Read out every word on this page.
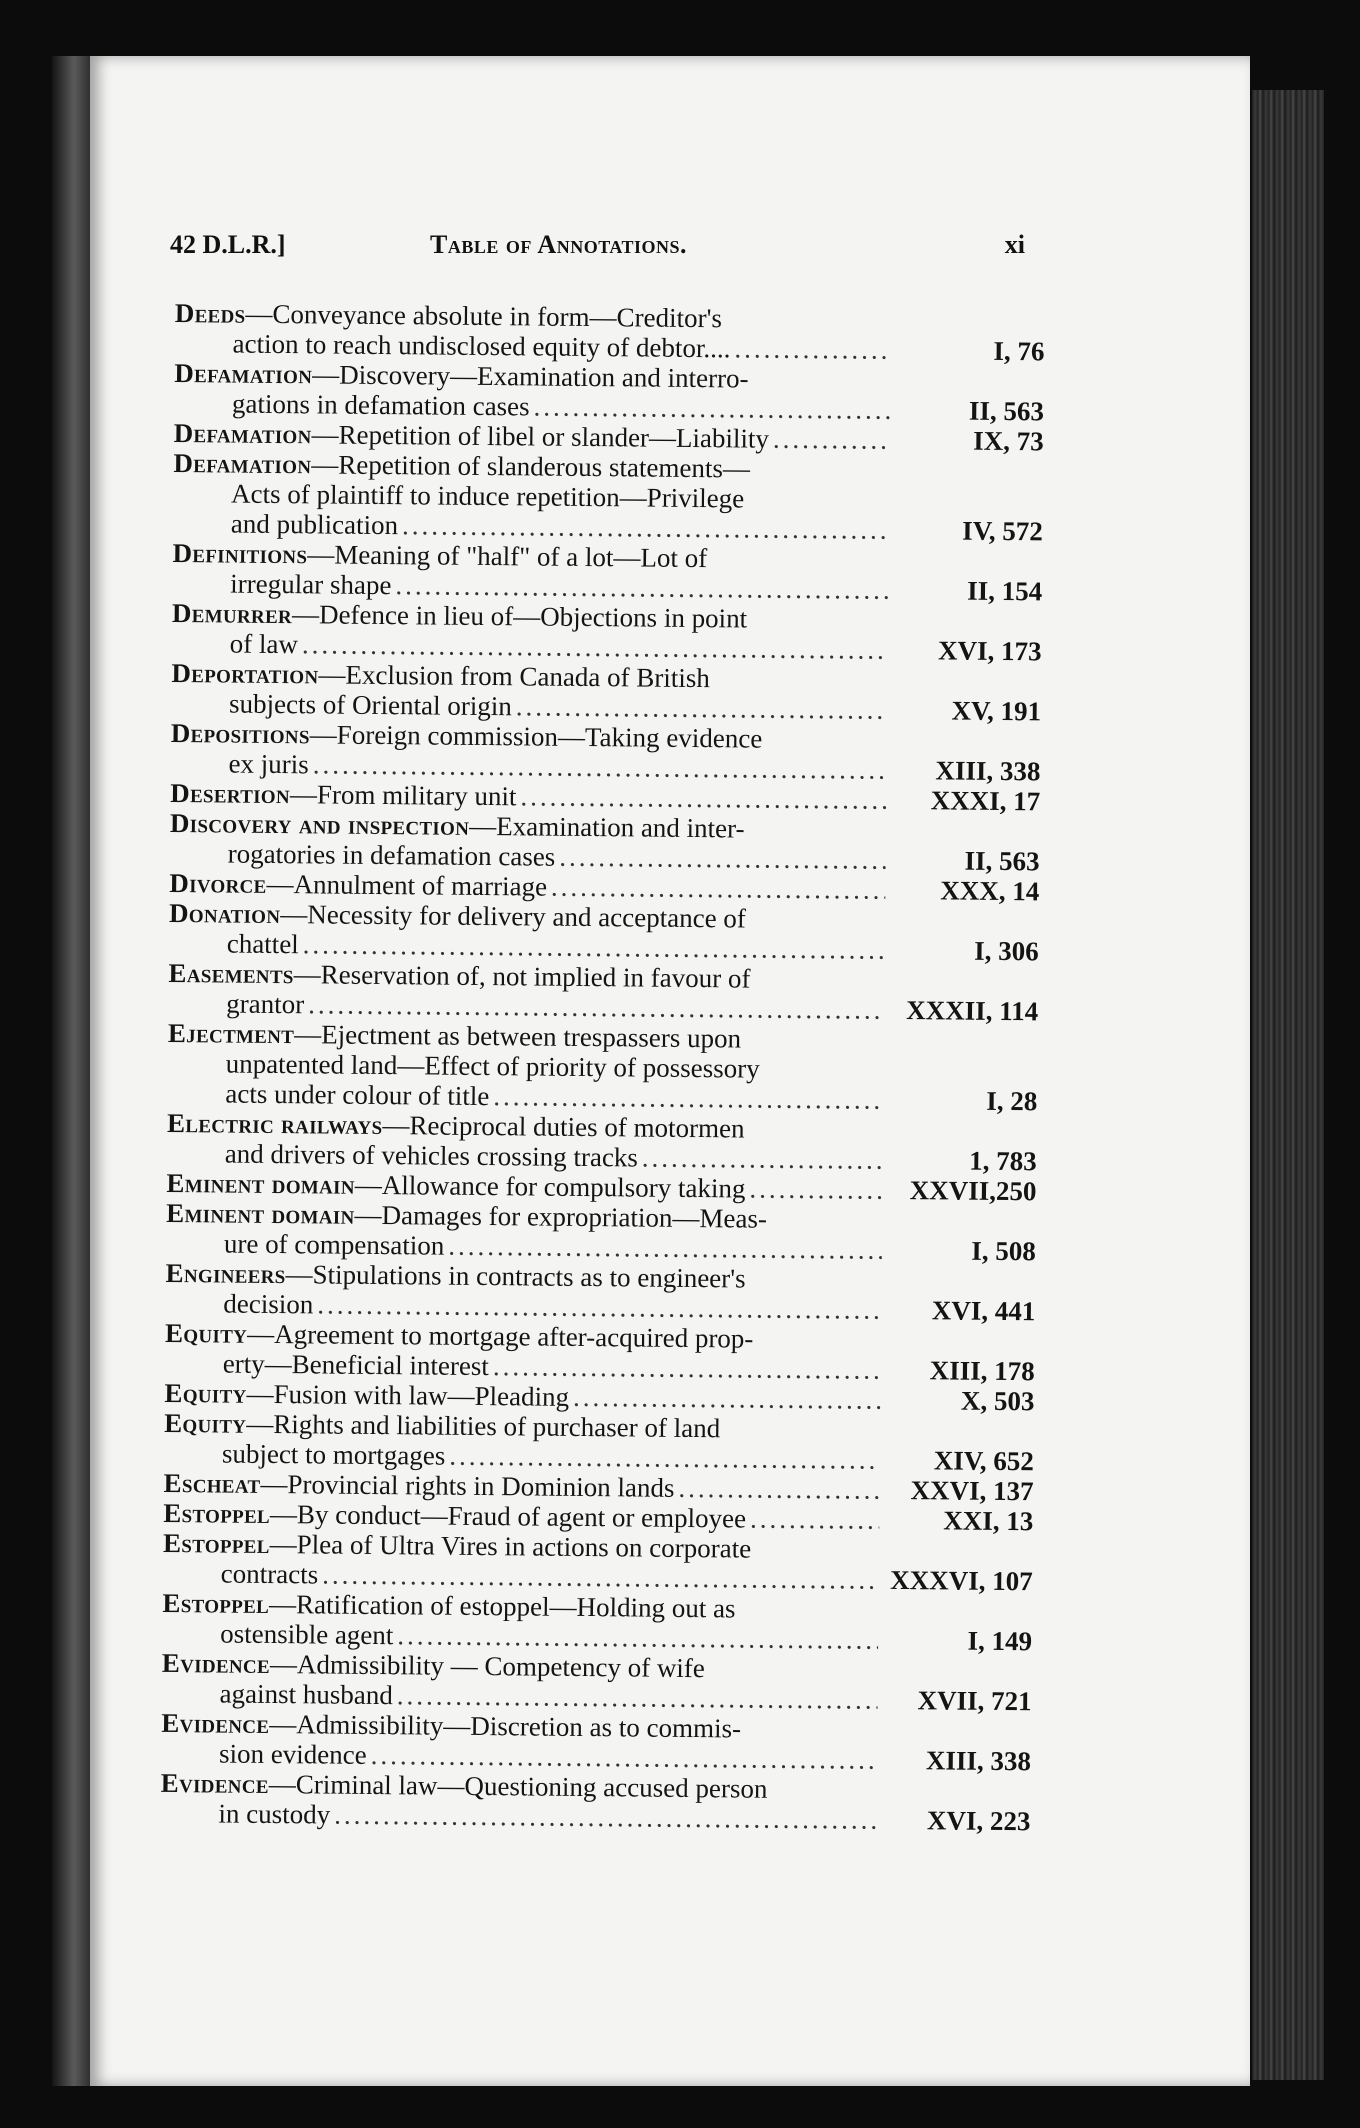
42 D.L.R.]	Table of Annotations.	xi
Deeds —Conveyance absolute in form—Creditor's
action to reach undisclosed equity of debtor.... .....	I, 76
Defamation —Discovery—Examination and interro-
gations in defamation cases .....	II, 563
Defamation —Repetition of libel or slander—Liability .....	IX, 73
Defamation —Repetition of slanderous statements—
Acts of plaintiff to induce repetition—Privilege
and publication .....	IV, 572
Definitions —Meaning of "half" of a lot—Lot of
irregular shape .....	II, 154
Demurrer —Defence in lieu of—Objections in point
of law .....	XVI, 173
Deportation —Exclusion from Canada of British
subjects of Oriental origin .....	XV, 191
Depositions —Foreign commission—Taking evidence
ex juris .....	XIII, 338
Desertion —From military unit .....	XXXI, 17
Discovery and inspection —Examination and inter-
rogatories in defamation cases .....	II, 563
Divorce —Annulment of marriage .....	XXX, 14
Donation —Necessity for delivery and acceptance of
chattel .....	I, 306
Easements —Reservation of, not implied in favour of
grantor .....	XXXII, 114
Ejectment —Ejectment as between trespassers upon
unpatented land—Effect of priority of possessory
acts under colour of title .....	I, 28
Electric railways —Reciprocal duties of motormen
and drivers of vehicles crossing tracks .....	1, 783
Eminent domain —Allowance for compulsory taking .....	XXVII,250
Eminent domain —Damages for expropriation—Meas-
ure of compensation .....	I, 508
Engineers —Stipulations in contracts as to engineer's
decision .....	XVI, 441
Equity —Agreement to mortgage after-acquired prop-
erty—Beneficial interest .....	XIII, 178
Equity —Fusion with law—Pleading .....	X, 503
Equity —Rights and liabilities of purchaser of land
subject to mortgages .....	XIV, 652
Escheat —Provincial rights in Dominion lands .....	XXVI, 137
Estoppel —By conduct—Fraud of agent or employee .....	XXI, 13
Estoppel —Plea of Ultra Vires in actions on corporate
contracts .....	XXXVI, 107
Estoppel —Ratification of estoppel—Holding out as
ostensible agent .....	I, 149
Evidence —Admissibility — Competency of wife
against husband .....	XVII, 721
Evidence —Admissibility—Discretion as to commis-
sion evidence .....	XIII, 338
Evidence —Criminal law—Questioning accused person
in custody .....	XVI, 223
